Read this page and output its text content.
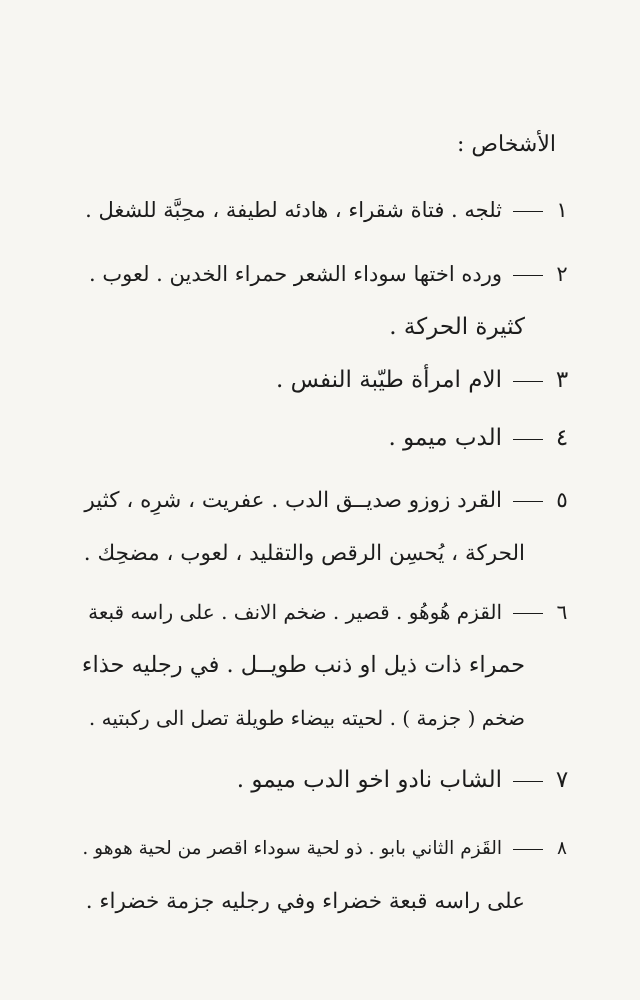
الأشخاص :
١ثلجه . فتاة شقراء ، هادئه لطيفة ، محِبَّة للشغل .
٢ورده اختها سوداء الشعر حمراء الخدين . لعوب .
كثيرة الحركة .
٣الام امرأة طيّبة النفس .
٤الدب ميمو .
٥القرد زوزو صديــق الدب . عفريت ، شرِه ، كثير
الحركة ، يُحسِن الرقص والتقليد ، لعوب ، مضحِك .
٦القزم هُوهُو . قصير . ضخم الانف . على راسه قبعة
حمراء ذات ذيل او ذنب طويــل . في رجليه حذاء
ضخم ( جزمة ) . لحيته بيضاء طويلة تصل الى ركبتيه .
٧الشاب نادو اخو الدب ميمو .
٨القَزم الثاني بابو . ذو لحية سوداء اقصر من لحية هوهو .
على راسه قبعة خضراء وفي رجليه جزمة خضراء .
